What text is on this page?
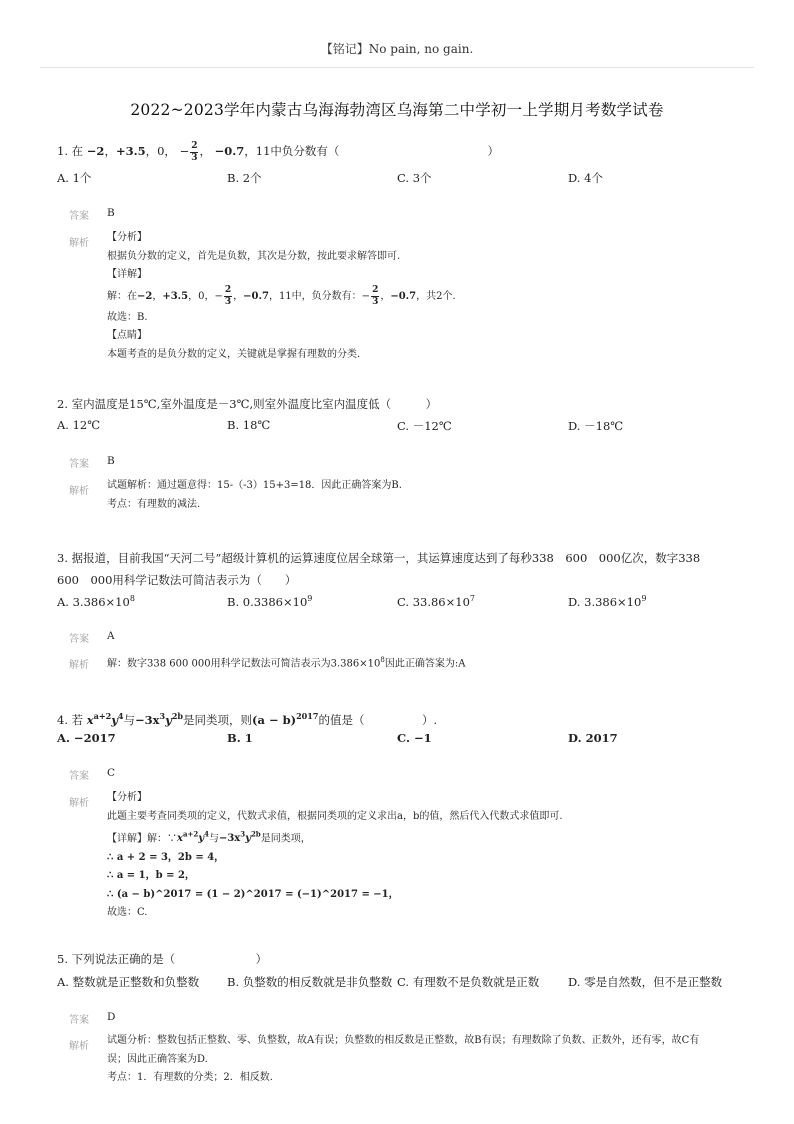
【铭记】No pain, no gain.
2022~2023学年内蒙古乌海海勃湾区乌海第二中学初一上学期月考数学试卷
1. 在 −2，+3.5，0， − $\frac{2}{3}$ ， −0.7，11中负分数有（	）
A. 1个	B. 2个	C. 3个	D. 4个
答案 B
解析
【分析】
根据负分数的定义，首先是负数，其次是分数，按此要求解答即可.
【详解】
解：在−2，+3.5，0，− $\frac{2}{3}$ ，−0.7，11中，负分数有：− $\frac{2}{3}$ ，−0.7，共2个.
故选：B.
【点睛】
本题考查的是负分数的定义，关键就是掌握有理数的分类.
2. 室内温度是15℃,室外温度是－3℃,则室外温度比室内温度低（　　　）
A. 12℃	B. 18℃	C. －12℃	D. －18℃
答案 B
解析
试题解析：通过题意得：15-（-3）15+3=18．因此正确答案为B.
考点：有理数的减法.
3. 据报道，目前我国“天河二号”超级计算机的运算速度位居全球第一，其运算速度达到了每秒338　600　000亿次，数字338
600　000用科学记数法可简洁表示为（　　）
A. $3.386\times 10^8$	B. $0.3386\times 10^9$	C. $33.86\times 10^7$	D. $3.386\times 10^9$
答案 A
解析 解：数字338 600 000用科学记数法可简洁表示为$3.386\times 10^8$因此正确答案为:A
4. 若 $x^{a+2}y^4$与$-3x^3y^{2b}$是同类项，则$(a - b)^{2017}$的值是（　　　　　）.
A. −2017	B. 1	C. −1	D. 2017
答案 C
解析
【分析】
此题主要考查同类项的定义，代数式求值，根据同类项的定义求出a，b的值，然后代入代数式求值即可.
【详解】解：$\because x^{a+2}y^4$与$-3x^3y^{2b}$是同类项，
∴ a + 2 = 3，2b = 4，
∴ a = 1，b = 2，
∴ (a − b)^2017 = (1 − 2)^2017 = (−1)^2017 = −1，
故选：C.
5. 下列说法正确的是（　　　　　　　）
A. 整数就是正整数和负整数 B. 负整数的相反数就是非负整数 C. 有理数不是负数就是正数	D. 零是自然数，但不是正整数
答案 D
解析
试题分析：整数包括正整数、零、负整数，故A有误；负整数的相反数是正整数，故B有误；有理数除了负数、正数外，还有零，故C有
误；因此正确答案为D.
考点：1．有理数的分类；2．相反数.
